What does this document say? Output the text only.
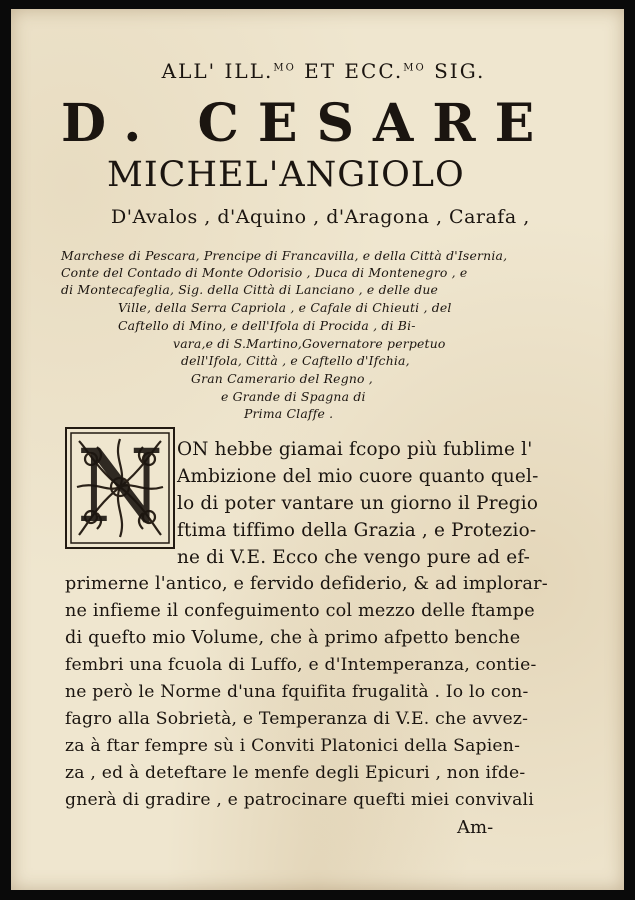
ALL' ILL.$^{MO}$ ET ECC.$^{MO}$ SIG.
D. CESARE
MICHEL'ANGIOLO
D'Avalos , d'Aquino , d'Aragona , Carafa ,
Marchese di Pescara, Prencipe di Francavilla, e della Città d'Isernia,
Conte del Contado di Monte Odorisio , Duca di Montenegro , e
di Montecafeglia, Sig. della Città di Lanciano , e delle due
Ville, della Serra Capriola , e Cafale di Chieuti , del
Caftello di Mino, e dell'Ifola di Procida , di Bi-
vara,e di S.Martino,Governatore perpetuo
dell'Ifola, Città , e Caftello d'Ifchia,
Gran Camerario del Regno ,
e Grande di Spagna di
Prima Claffe .
N ON hebbe giamai fcopo più fublime l'
Ambizione del mio cuore quanto quel-
lo di poter vantare un giorno il Pregio
ftima tiffimo della Grazia , e Protezio-
ne di V.E. Ecco che vengo pure ad ef-
primerne l'antico, e fervido defiderio, & ad implorar-
ne infieme il confeguimento col mezzo delle ftampe
di quefto mio Volume, che à primo afpetto benche
fembri una fcuola di Luffo, e d'Intemperanza, contie-
ne però le Norme d'una fquifita frugalità . Io lo con-
fagro alla Sobrietà, e Temperanza di V.E. che avvez-
za à ftar fempre sù i Conviti Platonici della Sapien-
za , ed à deteftare le menfe degli Epicuri , non ifde-
Am-
gnerà di gradire , e patrocinare quefti miei convivali
